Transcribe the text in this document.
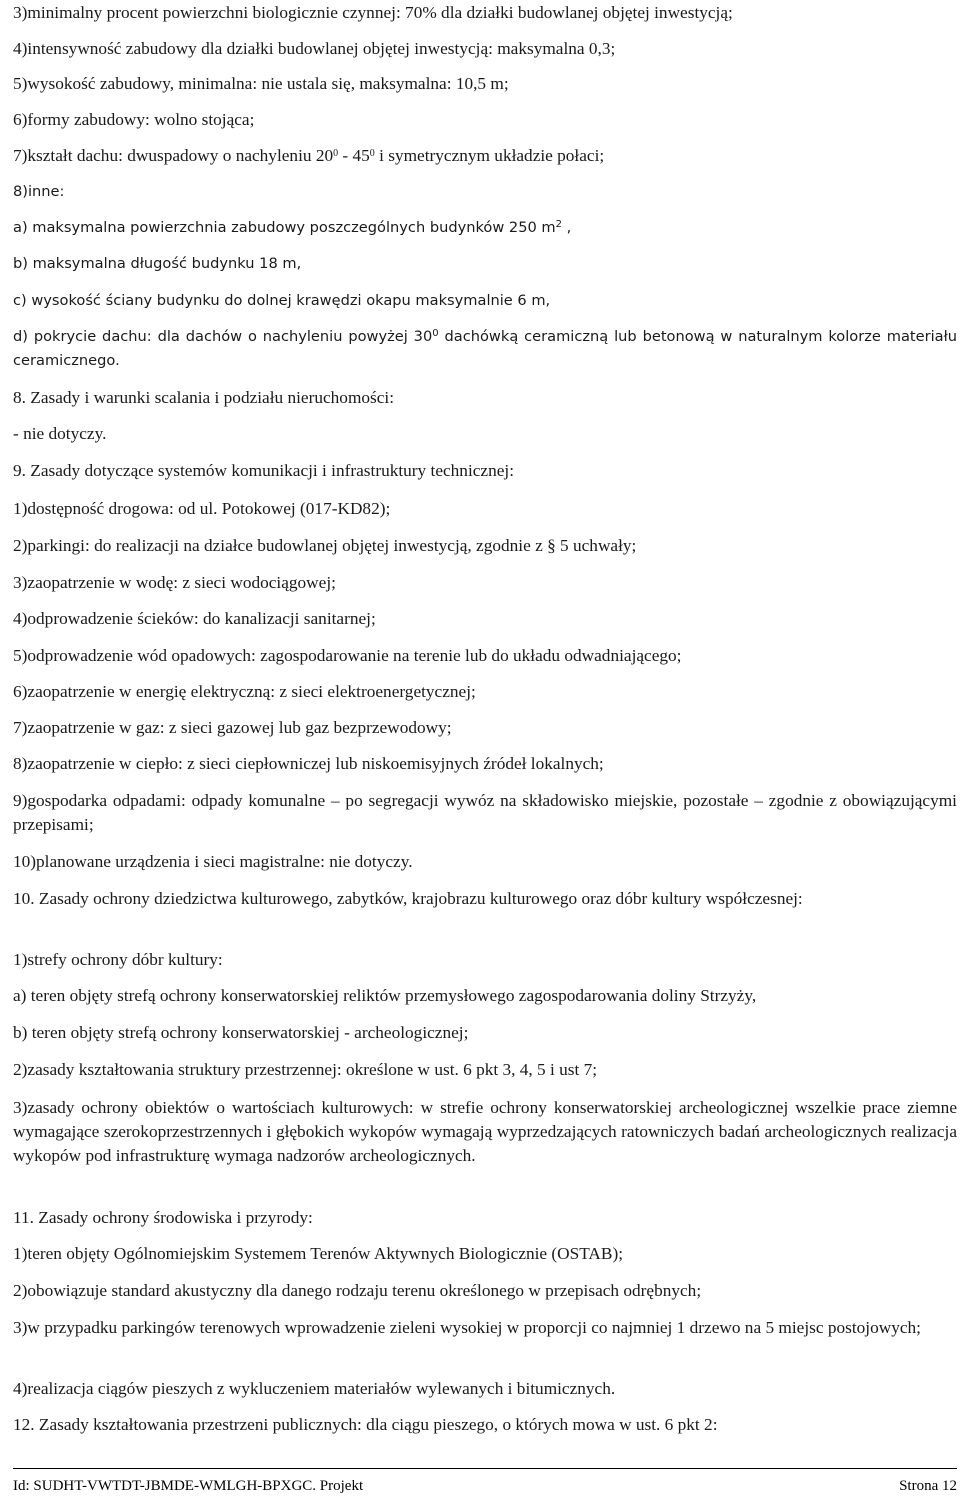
3)minimalny procent powierzchni biologicznie czynnej: 70% dla działki budowlanej objętej inwestycją;

4)intensywność zabudowy dla działki budowlanej objętej inwestycją: maksymalna 0,3;

5)wysokość zabudowy, minimalna: nie ustala się, maksymalna: 10,5 m;

6)formy zabudowy: wolno stojąca;

7)kształt dachu: dwuspadowy o nachyleniu $20^0 - 45^0$ i symetrycznym układzie połaci;

8)inne:

a) maksymalna powierzchnia zabudowy poszczególnych budynków 250 $m^2$ ,

b) maksymalna długość budynku 18 m,

c) wysokość ściany budynku do dolnej krawędzi okapu maksymalnie 6 m,

d) pokrycie dachu: dla dachów o nachyleniu powyżej $30^0$ dachówką ceramiczną lub betonową w naturalnym kolorze materiału ceramicznego.

8. Zasady i warunki scalania i podziału nieruchomości:

- nie dotyczy.

9. Zasady dotyczące systemów komunikacji i infrastruktury technicznej:

1)dostępność drogowa: od ul. Potokowej (017-KD82);

2)parkingi: do realizacji na działce budowlanej objętej inwestycją, zgodnie z § 5 uchwały;

3)zaopatrzenie w wodę: z sieci wodociągowej;

4)odprowadzenie ścieków: do kanalizacji sanitarnej;

5)odprowadzenie wód opadowych: zagospodarowanie na terenie lub do układu odwadniającego;

6)zaopatrzenie w energię elektryczną: z sieci elektroenergetycznej;

7)zaopatrzenie w gaz: z sieci gazowej lub gaz bezprzewodowy;

8)zaopatrzenie w ciepło: z sieci ciepłowniczej lub niskoemisyjnych źródeł lokalnych;

9)gospodarka odpadami: odpady komunalne – po segregacji wywóz na składowisko miejskie, pozostałe – zgodnie z obowiązującymi przepisami;

10)planowane urządzenia i sieci magistralne: nie dotyczy.

10. Zasady ochrony dziedzictwa kulturowego, zabytków, krajobrazu kulturowego oraz dóbr kultury współczesnej:

1)strefy ochrony dóbr kultury:

a) teren objęty strefą ochrony konserwatorskiej reliktów przemysłowego zagospodarowania doliny Strzyży,

b) teren objęty strefą ochrony konserwatorskiej - archeologicznej;

2)zasady kształtowania struktury przestrzennej: określone w ust. 6 pkt 3, 4, 5 i ust 7;

3)zasady ochrony obiektów o wartościach kulturowych: w strefie ochrony konserwatorskiej archeologicznej wszelkie prace ziemne wymagające szerokoprzestrzennych i głębokich wykopów wymagają wyprzedzających ratowniczych badań archeologicznych realizacja wykopów pod infrastrukturę wymaga nadzorów archeologicznych.

11. Zasady ochrony środowiska i przyrody:

1)teren objęty Ogólnomiejskim Systemem Terenów Aktywnych Biologicznie (OSTAB);

2)obowiązuje standard akustyczny dla danego rodzaju terenu określonego w przepisach odrębnych;

3)w przypadku parkingów terenowych wprowadzenie zieleni wysokiej w proporcji co najmniej 1 drzewo na 5 miejsc postojowych;

4)realizacja ciągów pieszych z wykluczeniem materiałów wylewanych i bitumicznych.

12. Zasady kształtowania przestrzeni publicznych: dla ciągu pieszego, o których mowa w ust. 6 pkt 2:

Id: SUDHT-VWTDT-JBMDE-WMLGH-BPXGC. Projekt	Strona 12
